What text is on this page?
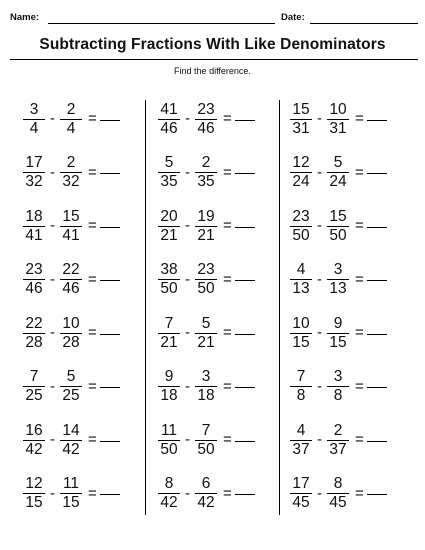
Name:	Date:
Subtracting Fractions With Like Denominators
Find the difference.
$\frac{3}{4} - \frac{2}{4}$ =
$\frac{17}{32} - \frac{2}{32}$ =
$\frac{18}{41} - \frac{15}{41}$ =
$\frac{23}{46} - \frac{22}{46}$ =
$\frac{22}{28} - \frac{10}{28}$ =
$\frac{7}{25} - \frac{5}{25}$ =
$\frac{16}{42} - \frac{14}{42}$ =
$\frac{12}{15} - \frac{11}{15}$ =
$\frac{41}{46} - \frac{23}{46}$ =
$\frac{5}{35} - \frac{2}{35}$ =
$\frac{20}{21} - \frac{19}{21}$ =
$\frac{38}{50} - \frac{23}{50}$ =
$\frac{7}{21} - \frac{5}{21}$ =
$\frac{9}{18} - \frac{3}{18}$ =
$\frac{11}{50} - \frac{7}{50}$ =
$\frac{8}{42} - \frac{6}{42}$ =
$\frac{15}{31} - \frac{10}{31}$ =
$\frac{12}{24} - \frac{5}{24}$ =
$\frac{23}{50} - \frac{15}{50}$ =
$\frac{4}{13} - \frac{3}{13}$ =
$\frac{10}{15} - \frac{9}{15}$ =
$\frac{7}{8} - \frac{3}{8}$ =
$\frac{4}{37} - \frac{2}{37}$ =
$\frac{17}{45} - \frac{8}{45}$ =
